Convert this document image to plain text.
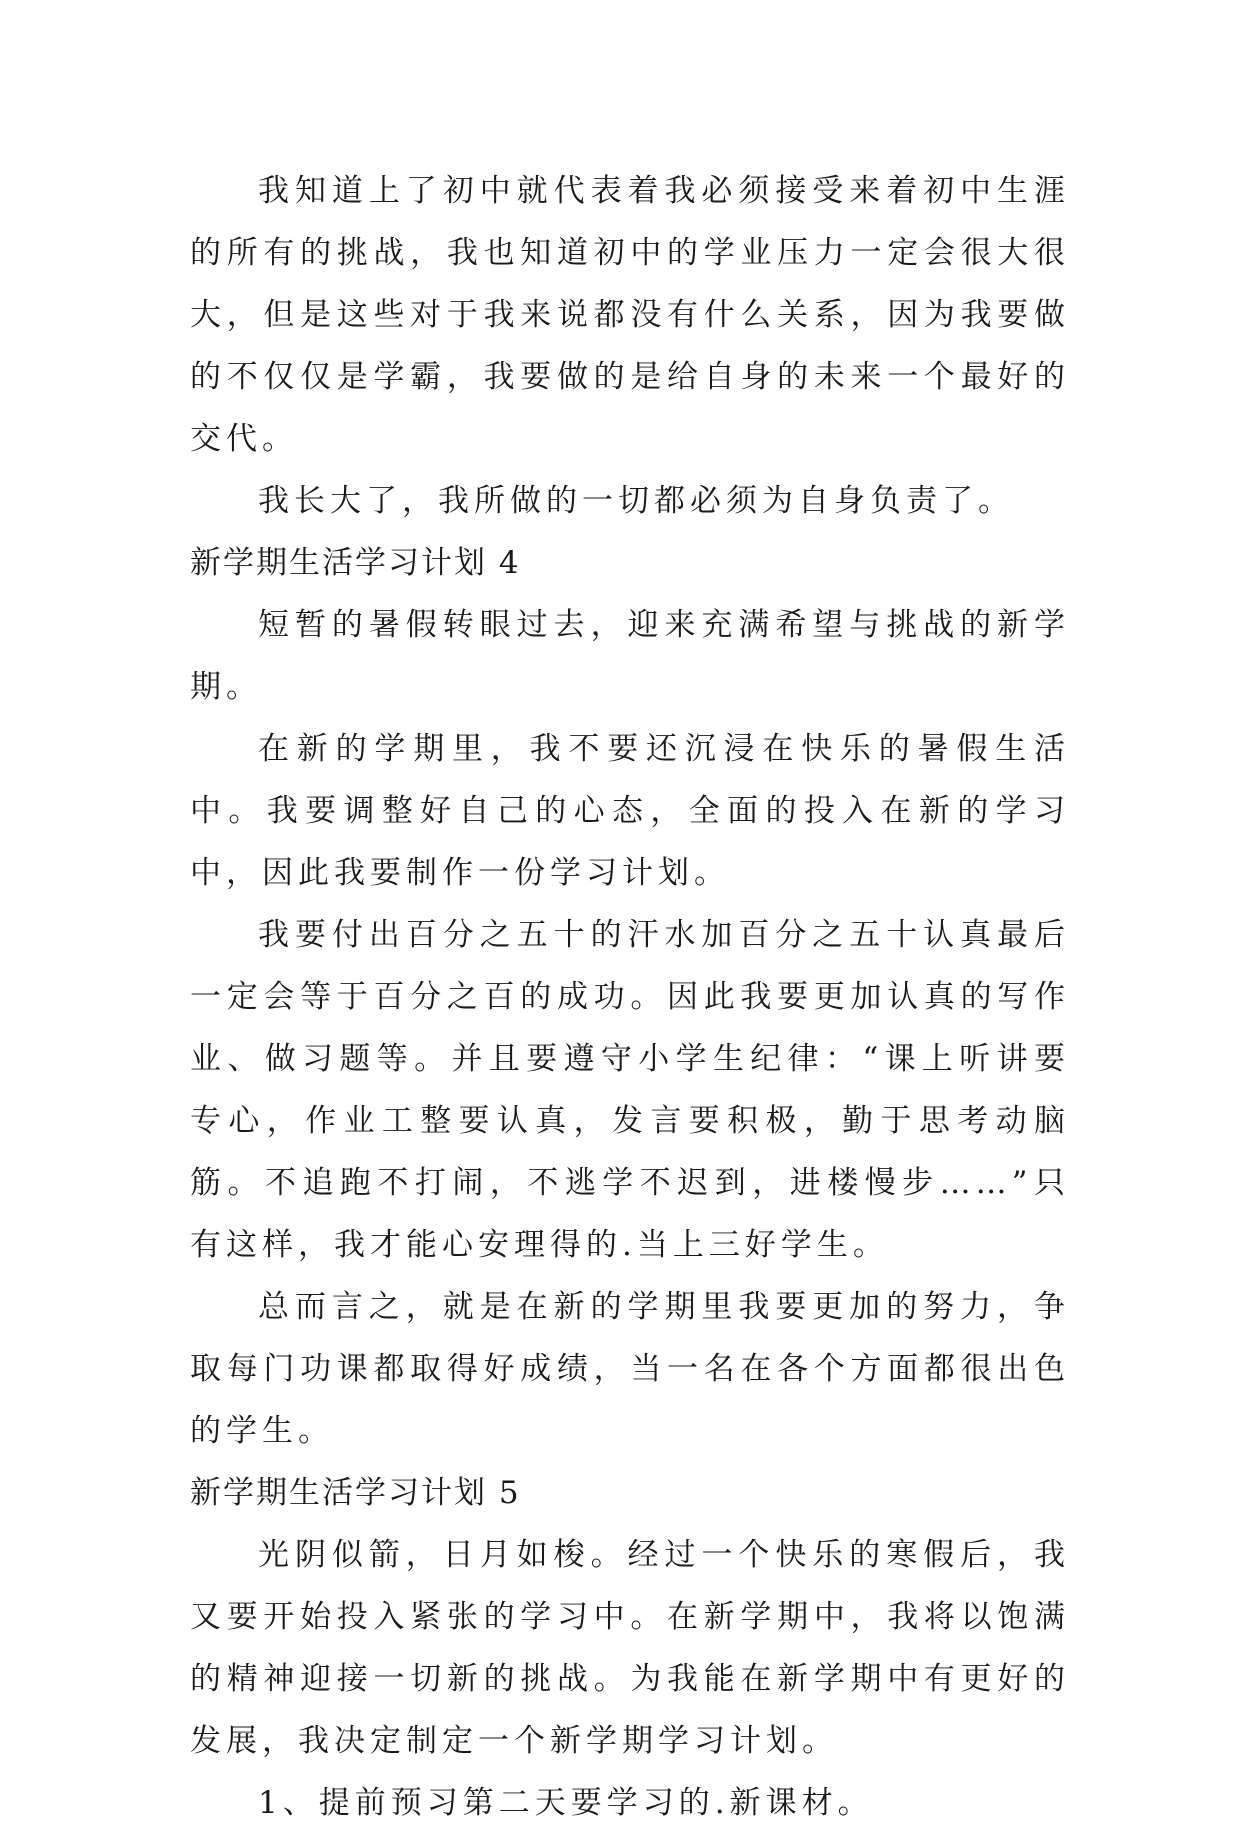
我知道上了初中就代表着我必须接受来着初中生涯的所有的挑战，我也知道初中的学业压力一定会很大很大，但是这些对于我来说都没有什么关系，因为我要做的不仅仅是学霸，我要做的是给自身的未来一个最好的交代。

我长大了，我所做的一切都必须为自身负责了。

新学期生活学习计划 4

短暂的暑假转眼过去，迎来充满希望与挑战的新学期。

在新的学期里，我不要还沉浸在快乐的暑假生活中。我要调整好自己的心态，全面的投入在新的学习中，因此我要制作一份学习计划。

我要付出百分之五十的汗水加百分之五十认真最后一定会等于百分之百的成功。因此我要更加认真的写作业、做习题等。并且要遵守小学生纪律：“课上听讲要专心，作业工整要认真，发言要积极，勤于思考动脑筋。不追跑不打闹，不逃学不迟到，进楼慢步……”只有这样，我才能心安理得的.当上三好学生。

总而言之，就是在新的学期里我要更加的努力，争取每门功课都取得好成绩，当一名在各个方面都很出色的学生。

新学期生活学习计划 5

光阴似箭，日月如梭。经过一个快乐的寒假后，我又要开始投入紧张的学习中。在新学期中，我将以饱满的精神迎接一切新的挑战。为我能在新学期中有更好的发展，我决定制定一个新学期学习计划。

1、提前预习第二天要学习的.新课材。
